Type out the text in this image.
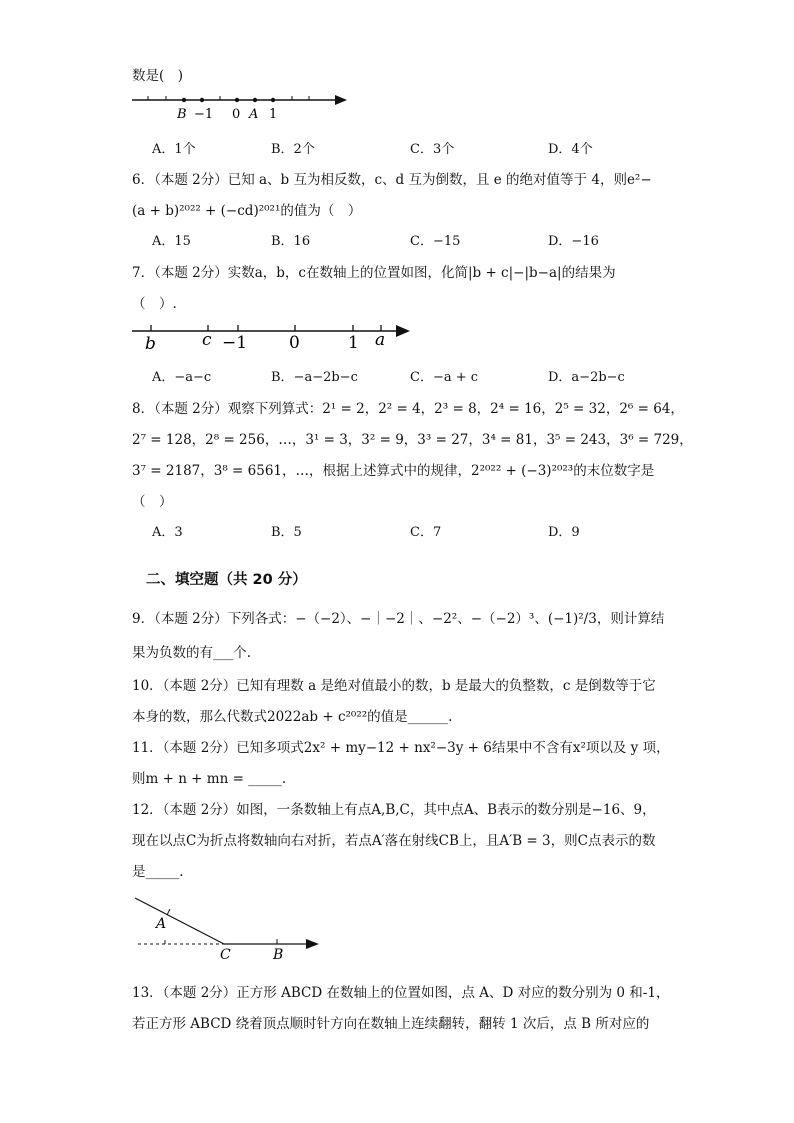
数是(　)
B −1 0 A 1
A．1个	B．2个	C．3个	D．4个
6．（本题 2分）已知 a、b 互为相反数，c、d 互为倒数，且 e 的绝对值等于 4，则e²−
(a + b)²⁰²² + (−cd)²⁰²¹的值为（　）
A．15	B．16	C．−15	D．−16
7．（本题 2分）实数a，b，c在数轴上的位置如图，化简|b + c|−|b−a|的结果为
（　）.
b	c −1 0	1 a
A．−a−c	B．−a−2b−c	C．−a + c	D．a−2b−c
8．（本题 2分）观察下列算式：2¹ = 2，2² = 4，2³ = 8，2⁴ = 16，2⁵ = 32，2⁶ = 64，
2⁷ = 128，2⁸ = 256，…，3¹ = 3，3² = 9，3³ = 27，3⁴ = 81，3⁵ = 243，3⁶ = 729，
3⁷ = 2187，3⁸ = 6561，…，根据上述算式中的规律，2²⁰²² + (−3)²⁰²³的末位数字是
（　）
A．3	B．5	C．7	D．9
二、填空题（共 20 分）
9．（本题 2分）下列各式：−（−2）、−｜−2｜、−2²、−（−2）³、(−1)²/3，则计算结
果为负数的有___个.
10．（本题 2分）已知有理数 a 是绝对值最小的数，b 是最大的负整数，c 是倒数等于它
本身的数，那么代数式2022ab + c²⁰²²的值是______.
11．（本题 2分）已知多项式2x² + my−12 + nx²−3y + 6结果中不含有x²项以及 y 项，
则m + n + mn = _____.
12．（本题 2分）如图，一条数轴上有点A,B,C，其中点A、B表示的数分别是−16、9，
现在以点C为折点将数轴向右对折，若点A′落在射线CB上，且A′B = 3，则C点表示的数
是_____.
A
C	B
13．（本题 2分）正方形 ABCD 在数轴上的位置如图，点 A、D 对应的数分别为 0 和-1，
若正方形 ABCD 绕着顶点顺时针方向在数轴上连续翻转，翻转 1 次后，点 B 所对应的
